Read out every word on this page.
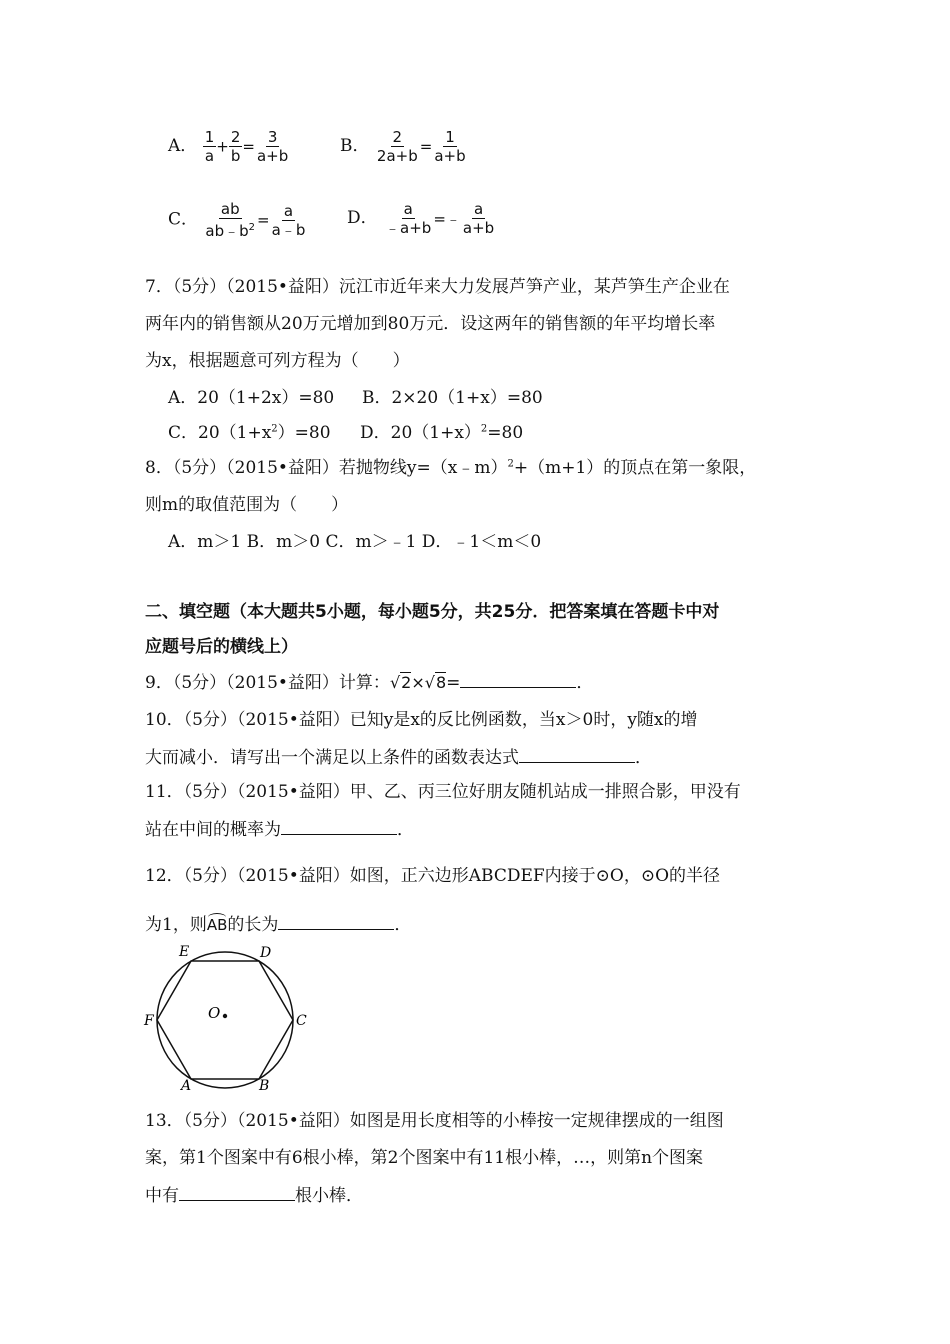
A． $\frac{1}{a} + \frac{2}{b} = \frac{3}{a+b}$	B． $\frac{2}{2a+b} = \frac{1}{a+b}$
C． $\frac{ab}{ab﹣b^2} = \frac{a}{a﹣b}$ D． $\frac{a}{﹣a+b}$ =﹣ $\frac{a}{a+b}$
7．（5分）（2015•益阳）沅江市近年来大力发展芦笋产业，某芦笋生产企业在
两年内的销售额从20万元增加到80万元．设这两年的销售额的年平均增长率
为x，根据题意可列方程为（　　）
A．20（1+2x）=80 B．2×20（1+x）=80
C．$20(1+x^2)=80$ D．$20(1+x)^2=80$
8．（5分）（2015•益阳）若抛物线y=（x﹣m）$^2$+（m+1）的顶点在第一象限，
则m的取值范围为（　　）
A．m＞1 B．m＞0 C．m＞﹣1 D．﹣1＜m＜0
二、填空题（本大题共5小题，每小题5分，共25分．把答案填在答题卡中对
应题号后的横线上）
9．（5分）（2015•益阳）计算：√2×√8=	．
10．（5分）（2015•益阳）已知y是x的反比例函数，当x＞0时，y随x的增
大而减小．请写出一个满足以上条件的函数表达式	．
11．（5分）（2015•益阳）甲、乙、丙三位好朋友随机站成一排照合影，甲没有
站在中间的概率为	．
12．（5分）（2015•益阳）如图，正六边形ABCDEF内接于⊙O，⊙O的半径
为1，则AB的长为	．
O
E	D
F	C
A	B
13．（5分）（2015•益阳）如图是用长度相等的小棒按一定规律摆成的一组图
案，第1个图案中有6根小棒，第2个图案中有11根小棒，…，则第n个图案
中有	根小棒．
